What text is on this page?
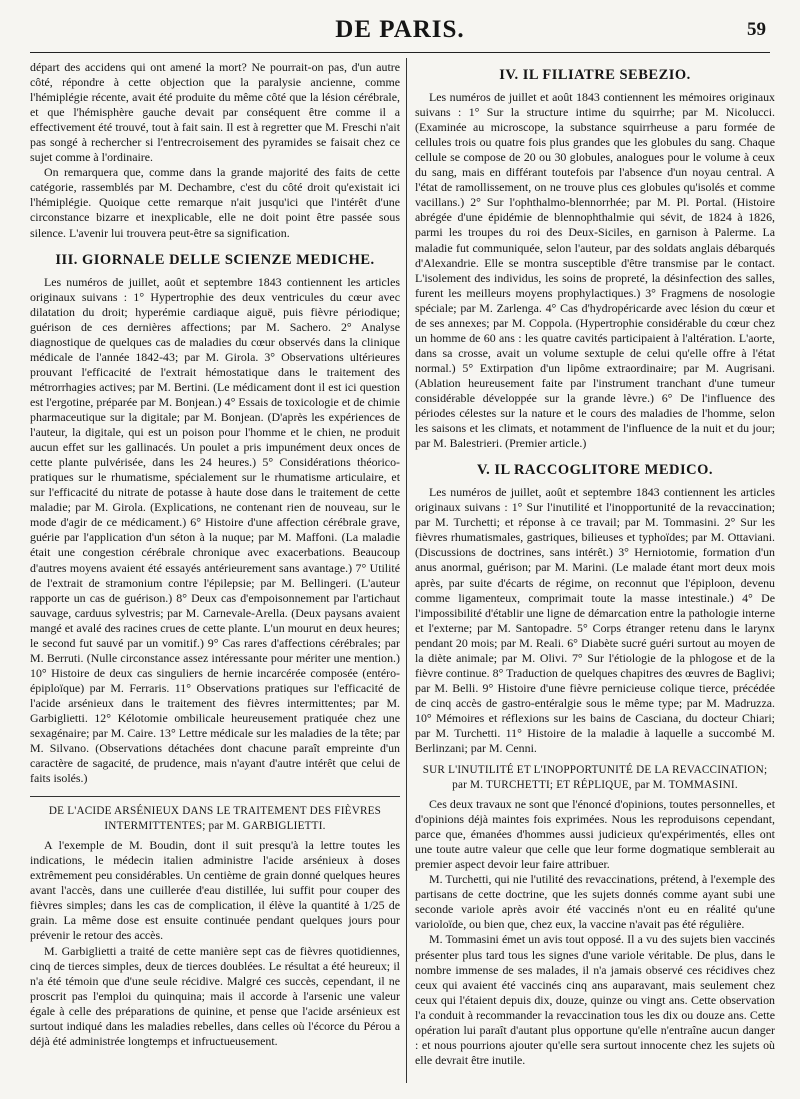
DE PARIS.	59

départ des accidens qui ont amené la mort? Ne pourrait-on pas, d'un autre côté, répondre à cette objection que la paralysie ancienne, comme l'hémiplégie récente, avait été produite du même côté que la lésion cérébrale, et que l'hémisphère gauche devait par conséquent être comme il a effectivement été trouvé, tout à fait sain. Il est à regretter que M. Freschi n'ait pas songé à rechercher si l'entrecroisement des pyramides se faisait chez ce sujet comme à l'ordinaire.

On remarquera que, comme dans la grande majorité des faits de cette catégorie, rassemblés par M. Dechambre, c'est du côté droit qu'existait ici l'hémiplégie. Quoique cette remarque n'ait jusqu'ici que l'intérêt d'une circonstance bizarre et inexplicable, elle ne doit point être passée sous silence. L'avenir lui trouvera peut-être sa signification.

III. GIORNALE DELLE SCIENZE MEDICHE.

Les numéros de juillet, août et septembre 1843 contiennent les articles originaux suivans : 1° Hypertrophie des deux ventricules du cœur avec dilatation du droit; hyperémie cardiaque aiguë, puis fièvre périodique; guérison de ces dernières affections; par M. Sachero. 2° Analyse diagnostique de quelques cas de maladies du cœur observés dans la clinique médicale de l'année 1842-43; par M. Girola. 3° Observations ultérieures prouvant l'efficacité de l'extrait hémostatique dans le traitement des métrorrhagies actives; par M. Bertini. (Le médicament dont il est ici question est l'ergotine, préparée par M. Bonjean.) 4° Essais de toxicologie et de chimie pharmaceutique sur la digitale; par M. Bonjean. (D'après les expériences de l'auteur, la digitale, qui est un poison pour l'homme et le chien, ne produit aucun effet sur les gallinacés. Un poulet a pris impunément deux onces de cette plante pulvérisée, dans les 24 heures.) 5° Considérations théorico-pratiques sur le rhumatisme, spécialement sur le rhumatisme articulaire, et sur l'efficacité du nitrate de potasse à haute dose dans le traitement de cette maladie; par M. Girola. (Explications, ne contenant rien de nouveau, sur le mode d'agir de ce médicament.) 6° Histoire d'une affection cérébrale grave, guérie par l'application d'un séton à la nuque; par M. Maffoni. (La maladie était une congestion cérébrale chronique avec exacerbations. Beaucoup d'autres moyens avaient été essayés antérieurement sans avantage.) 7° Utilité de l'extrait de stramonium contre l'épilepsie; par M. Bellingeri. (L'auteur rapporte un cas de guérison.) 8° Deux cas d'empoisonnement par l'artichaut sauvage, carduus sylvestris; par M. Carnevale-Arella. (Deux paysans avaient mangé et avalé des racines crues de cette plante. L'un mourut en deux heures; le second fut sauvé par un vomitif.) 9° Cas rares d'affections cérébrales; par M. Berruti. (Nulle circonstance assez intéressante pour mériter une mention.) 10° Histoire de deux cas singuliers de hernie incarcérée composée (entéro-épiploïque) par M. Ferraris. 11° Observations pratiques sur l'efficacité de l'acide arsénieux dans le traitement des fièvres intermittentes; par M. Garbiglietti. 12° Kélotomie ombilicale heureusement pratiquée chez une sexagénaire; par M. Caire. 13° Lettre médicale sur les maladies de la tête; par M. Silvano. (Observations détachées dont chacune paraît empreinte d'un caractère de sagacité, de prudence, mais n'ayant d'autre intérêt que celui de faits isolés.)

DE L'ACIDE ARSÉNIEUX DANS LE TRAITEMENT DES FIÈVRES INTERMITTENTES; par M. GARBIGLIETTI.

A l'exemple de M. Boudin, dont il suit presqu'à la lettre toutes les indications, le médecin italien administre l'acide arsénieux à doses extrêmement peu considérables. Un centième de grain donné quelques heures avant l'accès, dans une cuillerée d'eau distillée, lui suffit pour couper des fièvres simples; dans les cas de complication, il élève la quantité à 1/25 de grain. La même dose est ensuite continuée pendant quelques jours pour prévenir le retour des accès.

M. Garbiglietti a traité de cette manière sept cas de fièvres quotidiennes, cinq de tierces simples, deux de tierces doublées. Le résultat a été heureux; il n'a été témoin que d'une seule récidive. Malgré ces succès, cependant, il ne proscrit pas l'emploi du quinquina; mais il accorde à l'arsenic une valeur égale à celle des préparations de quinine, et pense que l'acide arsénieux est surtout indiqué dans les maladies rebelles, dans celles où l'écorce du Pérou a déjà été administrée longtemps et infructueusement.

IV. IL FILIATRE SEBEZIO.

Les numéros de juillet et août 1843 contiennent les mémoires originaux suivans : 1° Sur la structure intime du squirrhe; par M. Nicolucci. (Examinée au microscope, la substance squirrheuse a paru formée de cellules trois ou quatre fois plus grandes que les globules du sang. Chaque cellule se compose de 20 ou 30 globules, analogues pour le volume à ceux du sang, mais en différant toutefois par l'absence d'un noyau central. A l'état de ramollissement, on ne trouve plus ces globules qu'isolés et comme vacillans.) 2° Sur l'ophthalmo-blennorrhée; par M. Pl. Portal. (Histoire abrégée d'une épidémie de blennophthalmie qui sévit, de 1824 à 1826, parmi les troupes du roi des Deux-Siciles, en garnison à Palerme. La maladie fut communiquée, selon l'auteur, par des soldats anglais débarqués d'Alexandrie. Elle se montra susceptible d'être transmise par le contact. L'isolement des individus, les soins de propreté, la désinfection des salles, furent les meilleurs moyens prophylactiques.) 3° Fragmens de nosologie spéciale; par M. Zarlenga. 4° Cas d'hydropéricarde avec lésion du cœur et de ses annexes; par M. Coppola. (Hypertrophie considérable du cœur chez un homme de 60 ans : les quatre cavités participaient à l'altération. L'aorte, dans sa crosse, avait un volume sextuple de celui qu'elle offre à l'état normal.) 5° Extirpation d'un lipôme extraordinaire; par M. Augrisani. (Ablation heureusement faite par l'instrument tranchant d'une tumeur considérable développée sur la grande lèvre.) 6° De l'influence des périodes célestes sur la nature et le cours des maladies de l'homme, selon les saisons et les climats, et notamment de l'influence de la nuit et du jour; par M. Balestrieri. (Premier article.)

V. IL RACCOGLITORE MEDICO.

Les numéros de juillet, août et septembre 1843 contiennent les articles originaux suivans : 1° Sur l'inutilité et l'inopportunité de la revaccination; par M. Turchetti; et réponse à ce travail; par M. Tommasini. 2° Sur les fièvres rhumatismales, gastriques, bilieuses et typhoïdes; par M. Ottaviani. (Discussions de doctrines, sans intérêt.) 3° Herniotomie, formation d'un anus anormal, guérison; par M. Marini. (Le malade étant mort deux mois après, par suite d'écarts de régime, on reconnut que l'épiploon, devenu comme ligamenteux, comprimait toute la masse intestinale.) 4° De l'impossibilité d'établir une ligne de démarcation entre la pathologie interne et l'externe; par M. Santopadre. 5° Corps étranger retenu dans le larynx pendant 20 mois; par M. Reali. 6° Diabète sucré guéri surtout au moyen de la diète animale; par M. Olivi. 7° Sur l'étiologie de la phlogose et de la fièvre continue. 8° Traduction de quelques chapitres des œuvres de Baglivi; par M. Belli. 9° Histoire d'une fièvre pernicieuse colique tierce, précédée de cinq accès de gastro-entéralgie sous le même type; par M. Madruzza. 10° Mémoires et réflexions sur les bains de Casciana, du docteur Chiari; par M. Turchetti. 11° Histoire de la maladie à laquelle a succombé M. Berlinzani; par M. Cenni.

SUR L'INUTILITÉ ET L'INOPPORTUNITÉ DE LA REVACCINATION; par M. TURCHETTI; ET RÉPLIQUE, par M. TOMMASINI.

Ces deux travaux ne sont que l'énoncé d'opinions, toutes personnelles, et d'opinions déjà maintes fois exprimées. Nous les reproduisons cependant, parce que, émanées d'hommes aussi judicieux qu'expérimentés, elles ont une toute autre valeur que celle que leur forme dogmatique semblerait au premier aspect devoir leur faire attribuer.

M. Turchetti, qui nie l'utilité des revaccinations, prétend, à l'exemple des partisans de cette doctrine, que les sujets donnés comme ayant subi une seconde variole après avoir été vaccinés n'ont eu en réalité qu'une varioloïde, ou bien que, chez eux, la vaccine n'avait pas été régulière.

M. Tommasini émet un avis tout opposé. Il a vu des sujets bien vaccinés présenter plus tard tous les signes d'une variole véritable. De plus, dans le nombre immense de ses malades, il n'a jamais observé ces récidives chez ceux qui avaient été vaccinés cinq ans auparavant, mais seulement chez ceux qui l'étaient depuis dix, douze, quinze ou vingt ans. Cette observation l'a conduit à recommander la revaccination tous les dix ou douze ans. Cette opération lui paraît d'autant plus opportune qu'elle n'entraîne aucun danger : et nous pourrions ajouter qu'elle sera surtout innocente chez les sujets où elle devrait être inutile.
